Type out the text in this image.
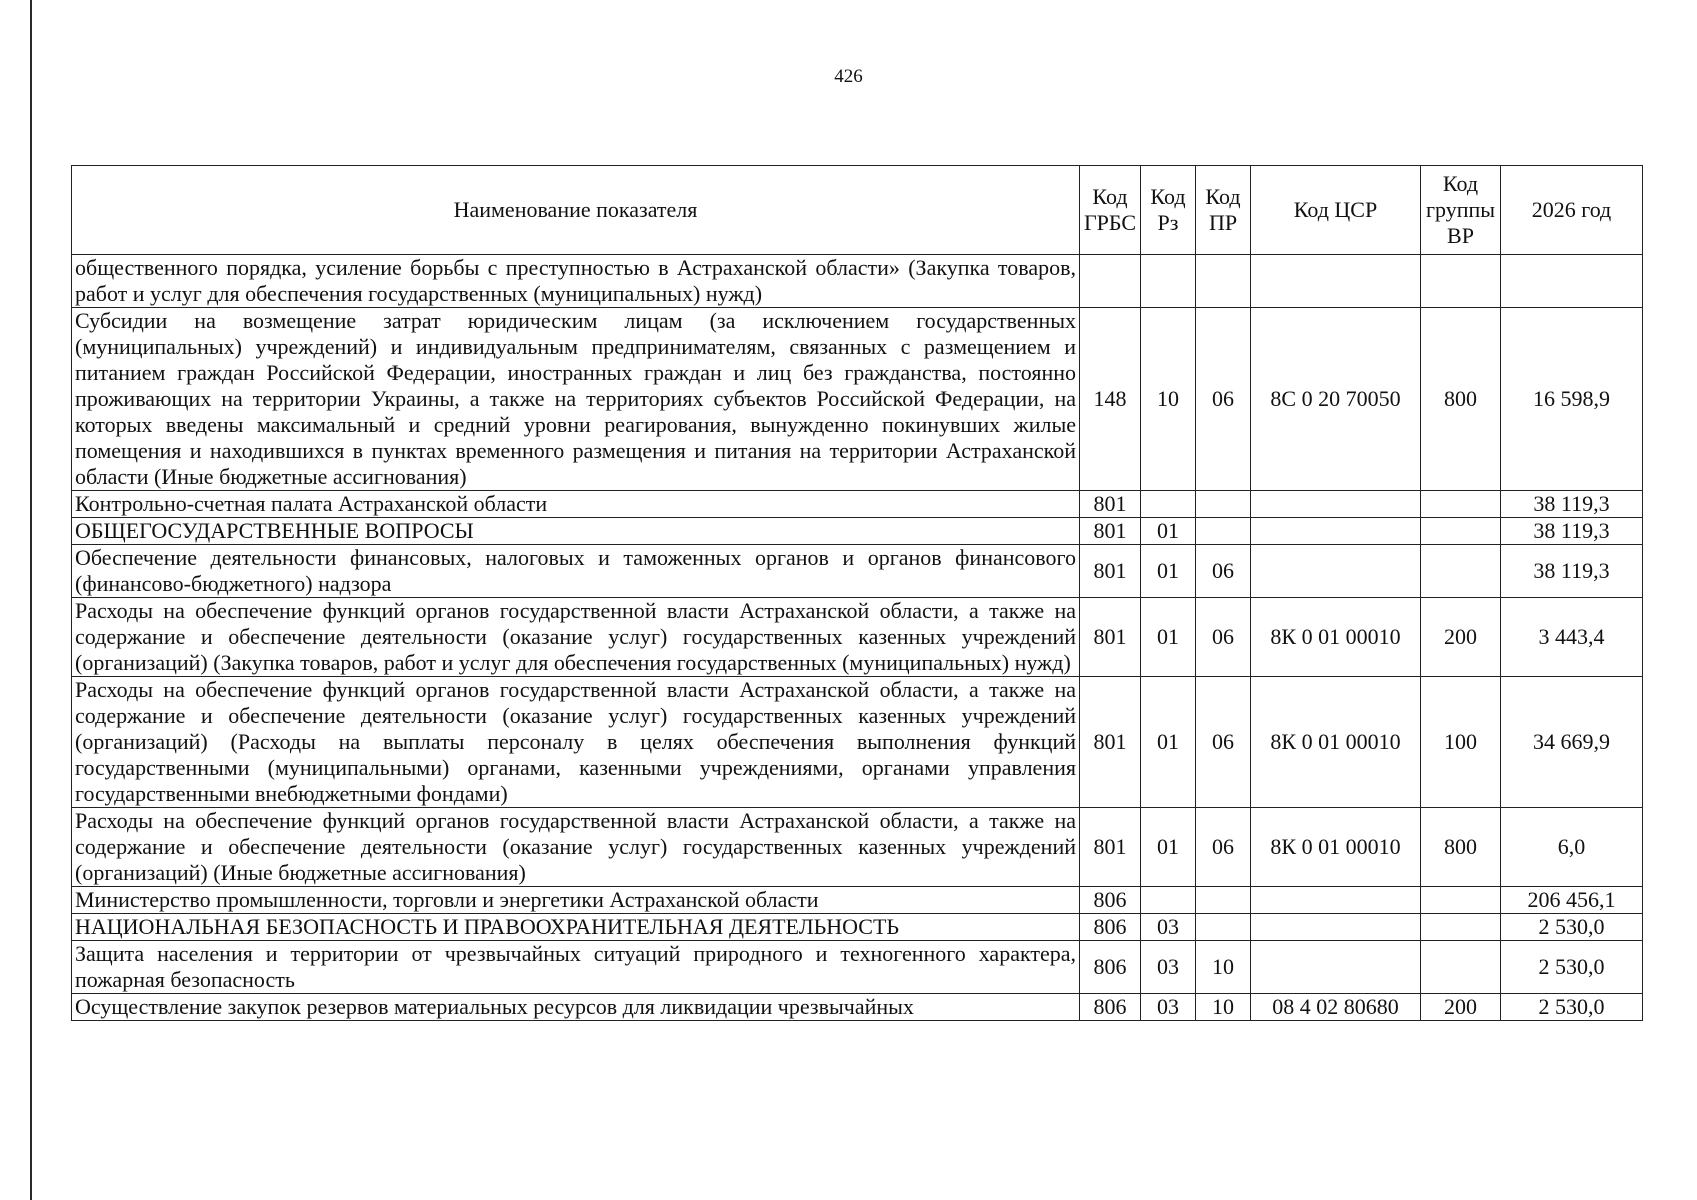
426
Наименование показателя	Код ГРБС	Код Рз	Код ПР	Код ЦСР	Код группы ВР	2026 год
общественного порядка, усиление борьбы с преступностью в Астраханской области» (Закупка товаров, работ и услуг для обеспечения государственных (муниципальных) нужд)						
Субсидии на возмещение затрат юридическим лицам (за исключением государственных (муниципальных) учреждений) и индивидуальным предпринимателям, связанных с размещением и питанием граждан Российской Федерации, иностранных граждан и лиц без гражданства, постоянно проживающих на территории Украины, а также на территориях субъектов Российской Федерации, на которых введены максимальный и средний уровни реагирования, вынужденно покинувших жилые помещения и находившихся в пунктах временного размещения и питания на территории Астраханской области (Иные бюджетные ассигнования)	148	10	06	8С 0 20 70050	800	16 598,9
Контрольно-счетная палата Астраханской области	801					38 119,3
ОБЩЕГОСУДАРСТВЕННЫЕ ВОПРОСЫ	801	01				38 119,3
Обеспечение деятельности финансовых, налоговых и таможенных органов и органов финансового (финансово-бюджетного) надзора	801	01	06			38 119,3
Расходы на обеспечение функций органов государственной власти Астраханской области, а также на содержание и обеспечение деятельности (оказание услуг) государственных казенных учреждений (организаций) (Закупка товаров, работ и услуг для обеспечения государственных (муниципальных) нужд)	801	01	06	8К 0 01 00010	200	3 443,4
Расходы на обеспечение функций органов государственной власти Астраханской области, а также на содержание и обеспечение деятельности (оказание услуг) государственных казенных учреждений (организаций) (Расходы на выплаты персоналу в целях обеспечения выполнения функций государственными (муниципальными) органами, казенными учреждениями, органами управления государственными внебюджетными фондами)	801	01	06	8К 0 01 00010	100	34 669,9
Расходы на обеспечение функций органов государственной власти Астраханской области, а также на содержание и обеспечение деятельности (оказание услуг) государственных казенных учреждений (организаций) (Иные бюджетные ассигнования)	801	01	06	8К 0 01 00010	800	6,0
Министерство промышленности, торговли и энергетики Астраханской области	806					206 456,1
НАЦИОНАЛЬНАЯ БЕЗОПАСНОСТЬ И ПРАВООХРАНИТЕЛЬНАЯ ДЕЯТЕЛЬНОСТЬ	806	03				2 530,0
Защита населения и территории от чрезвычайных ситуаций природного и техногенного характера, пожарная безопасность	806	03	10			2 530,0
Осуществление закупок резервов материальных ресурсов для ликвидации чрезвычайных	806	03	10	08 4 02 80680	200	2 530,0
